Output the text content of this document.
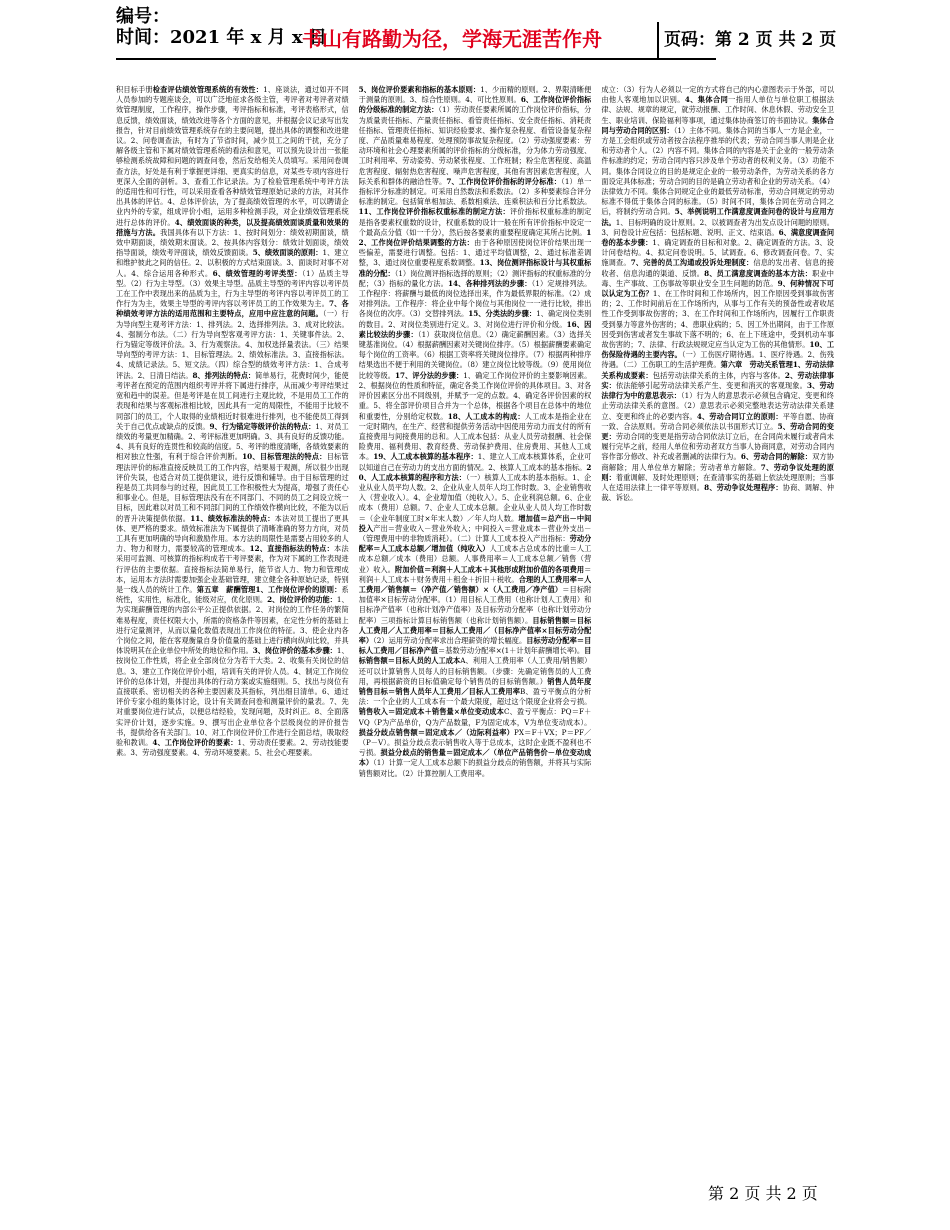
编号：
时间：2021 年 x 月 x 日
书山有路勤为径，学海无涯苦作舟	页码：第 2 页 共 2 页

积目标手册检查评估绩效管理系统的有效性：1、座谈法，通过如开不同人员参加的专题座谈会，可以广泛地征求各级主管，考评者对考评者对绩效管理制度，工作程序，操作步骤，考评指标和标准，考评表格形式，信息反馈，绩效面谈，绩效改进等各个方面的意见，并根据会议记录写出发报告，针对目前绩效管理系统存在的主要问题，提出具体的调整和改进建议。2、问卷调查法，有时为了节省时间，减少员工之间的干扰，充分了解各级主管和下属对绩效管理系统的看法和意见，可以预先设计出一张能够检测系统故障和问题的调查问卷，然后发给相关人员填写。采用问卷调查方法，好处是有利于掌握更详细、更真实的信息，对某些专项内容进行更深入全面的剖析。3、查看工作记录法。为了检验管理系统中考评方法的适用性和可行性，可以采用查看各种绩效管理原始记录的方法，对其作出具体的评估。4、总体评价法，为了提高绩效管理的水平，可以聘请企业内外的专家，组成评价小组，运用多种检测手段，对企业绩效管理系统进行总体的评价。4、绩效面谈的种类，以及提高绩效面谈质量和效果的措施与方法。我国具体有以下方法：1、按时间划分：绩效初期面谈，绩效中期面谈，绩效期末面谈。2、按具体内容划分：绩效计划面谈，绩效指导面谈，绩效考评面谈，绩效反馈面谈。5、绩效面谈的原则：1、建立和维护彼此之间的信任。2、以积极的方式结束面谈。3、面谈时对事不对人。4、综合运用各种形式。6、绩效管理的考评类型：（1）品质主导型。（2）行为主导型。（3）效果主导型。品质主导型的考评内容以考评员工在工作中表现出来的品质为主，行为主导型的考评内容以考评员工的工作行为为主，效果主导型的考评内容以考评员工的工作效果为主。7、各种绩效考评方法的适用范围和主要特点，应用中应注意的问题。（一）行为导向型主观考评方法：1、排列法。2、选择排列法。3、成对比较法。4、强制分布法。（二）行为导向型客观考评方法：1、关键事件法。2、行为锚定等级评价法。3、行为观察法。4、加权选择量表法。（三）结果导向型的考评方法：1、目标管理法。2、绩效标准法。3、直接指标法。4、成绩记录法。5、短文法。（四）综合型的绩效考评方法：1、合成考评法。2、日清日结法。8、排列法的特点：简单易行，花费时间少，能使考评者在预定的范围内组织考评并将下属进行排序，从而减少考评结果过宽和趋中的误差。但是考评是在员工间进行主观比较，不是用员工工作的表现和结果与客观标准相比较，因此具有一定的局限性，不能用于比较不同部门的员工，个人取得的业绩相近时很难进行排列，也不能使员工得到关于自己优点或缺点的反馈。9、行为锚定等级评价法的特点：1、对员工绩效的考量更加精确。2、考评标准更加明确。3、具有良好的反馈功能。4、具有良好的连贯性和较高的信度。5、考评的维度清晰，各绩效要素的相对独立性强，有利于综合评价判断。10、目标管理法的特点：目标管理法评价的标准直接反映员工的工作内容，结果易于观测，所以很少出现评价失误，也适合对员工提供建议，进行反馈和辅导。由于目标管理的过程是员工共同参与的过程，因此员工工作积极性大为提高，增强了责任心和事业心。但是，目标管理法没有在不同部门、不同的员工之间设立统一目标，因此难以对员工和不同部门间的工作绩效作横向比较，不能为以后的晋升决策提供依据。11、绩效标准法的特点：本法对员工提出了更具体、更严格的要求。绩效标准法为下属提供了清晰准确的努力方向，对员工具有更加明确的导向和激励作用。本方法的局限性是需要占用较多的人力、物力和财力，需要较高的管理成本。12、直接指标法的特点：本法采用可监测、可核算的指标构成若干考评要素，作为对下属的工作表现进行评估的主要依据。直接指标法简单易行，能节省人力、物力和管理成本，运用本方法时需要加强企业基础管理，建立健全各种原始记录，特别是一线人员的统计工作。第五章　薪酬管理1、工作岗位评价的原则：系统性，实用性，标准化，能级对应，优化原则。2、岗位评价的功能：1、为实现薪酬管理的内部公平公正提供依据。2、对岗位的工作任务的繁简难易程度，责任权限大小，所需的资格条件等因素，在定性分析的基础上进行定量测评，从而以量化数值表现出工作岗位的特征。3、使企业内各个岗位之间，能在客观衡量自身价值量的基础上进行横向纵向比较，并具体说明其在企业单位中所处的地位和作用。3、岗位评价的基本步骤：1、按岗位工作性质，将企业全部岗位分为若干大类。2、收集有关岗位的信息。3、建立工作岗位评价小组，培训有关的评价人员。4、制定工作岗位评价的总体计划，并提出具体的行动方案或实施细则。5、找出与岗位有直接联系、密切相关的各种主要因素及其指标，列出细目清单。6、通过评价专家小组的集体讨论，设计有关调查问卷和测量评价的量表。7、先对重要岗位进行试点，以便总结经验，发现问题，及时纠正。8、全面落实评价计划，逐步实施。9、撰写出企业单位各个层级岗位的评价报告书，提供给各有关部门。10、对工作岗位评价工作进行全面总结，吸取经验和教训。4、工作岗位评价的要素：1、劳动责任要素。2、劳动技能要素。3、劳动强度要素。4、劳动环境要素。5、社会心理要素。

5、岗位评价要素和指标的基本原则：1、少而精的原则。2、界限清晰便于测量的原则。3、综合性原则。4、可比性原则。6、工作岗位评价指标的分级标准的制定方法：（1）劳动责任要素所属的工作岗位评价指标，分为质量责任指标、产量责任指标、看管责任指标、安全责任指标、消耗责任指标、管理责任指标、知识经验要求、操作复杂程度、看管设备复杂程度、产品质量难易程度、处理预防事故复杂程度。（2）劳动强度要素：劳动环境和社会心理要素所属的评价指标的分级标准，分为体力劳动强度、工时利用率、劳动姿势、劳动紧张程度、工作班制；粉尘危害程度、高温危害程度、辐射热危害程度、噪声危害程度，其他有害因素危害程度，人际关系和群体的融洽性等。7、工作岗位评价指标的评分标准：（1）单一指标评分标准的制定。可采用自然数法和系数法。（2）多种要素综合评分标准的制定。包括简单相加法、系数相乘法、连乘积法和百分比系数法。11、工作岗位评价指标权重标准的制定方法：评价指标权重标准的制定是指各要素权重数的设计，权重系数的设计一般在所有评价指标中设定一个最高点分值（如一千分），然后按各要素的重要程度确定其所占比例。12、工作岗位评价结果调整的方法：由于各种原因使岗位评价结果出现一些偏差，需要进行调整。包括：1、通过平均值调整，2、通过标准差调整，3、通过岗位重要程度系数调整。13、岗位测评指标设计与其权重标准的分配：（1）岗位测评指标选择的原则；（2）测评指标的权重标准的分配；（3）指标的量化方法。14、各种排列法的步骤：（1）定规排列法。工作程序：将薪酬与最低的岗位选择出来，作为最低界限的标准。（2）成对排列法。工作程序：将企业中每个岗位与其他岗位一一进行比较，排出各岗位的次序。（3）交替排列法。15、分类法的步骤：1、确定岗位类别的数目。2、对岗位类别进行定义。3、对岗位进行评价和分级。16、因素比较法的步骤：（1）获取岗位信息。（2）确定薪酬因素。（3）选择关键基准岗位。（4）根据薪酬因素对关键岗位排序。（5）根据薪酬要素确定每个岗位的工资率。（6）根据工资率将关键岗位排序。（7）根据两种排序结果选出不便于利用的关键岗位。（8）建立岗位比较等级。（9）使用岗位比较等级。17、评分法的步骤：1、确定工作岗位评价的主要影响因素。2、根据岗位的性质和特征，确定各类工作岗位评价的具体项目。3、对各评价因素区分出不同级别，并赋予一定的点数。4、确定各评价因素的权重。5、将全部评价项目合并为一个总体，根据各个项目在总体中的地位和重要性，分别给定权数。18、人工成本的构成：人工成本是指企业在一定时期内，在生产、经营和提供劳务活动中因使用劳动力而支付的所有直接费用与间接费用的总和。人工成本包括：从业人员劳动报酬、社会保险费用、福利费用、教育经费、劳动保护费用、住房费用、其他人工成本。19、人工成本核算的基本程序：1、建立人工成本核算体系，企业可以知道自己在劳动力的支出方面的情况。2、核算人工成本的基本指标。20、人工成本核算的程序和方法：（一）核算人工成本的基本指标。1、企业从业人员平均人数。2、企业从业人员年人均工作时数。3、企业销售收入（营业收入）。4、企业增加值（纯收入）。5、企业利润总额。6、企业成本（费用）总额。7、企业人工成本总额。企业从业人员人均工作时数＝（企业年制度工时×年末人数）／年人均人数。增加值＝总产出－中间投入产出＝营业收入－营业外收入；中间投入＝营业成本－营业外支出－（管理费用中的非物质消耗）。（二）计算人工成本投入产出指标：劳动分配率＝人工成本总额／增加值（纯收入）人工成本占总成本的比重＝人工成本总额／成本（费用）总额。人事费用率＝人工成本总额／销售（营业）收入。附加价值＝利润＋人工成本＋其他形成附加价值的各项费用＝利润＋人工成本＋财务费用＋租金＋折旧＋税收。合理的人工费用率＝人工费用／销售额＝（净产值／销售额）×（人工费用／净产值）＝目标附加值率×目标劳动分配率。（1）用目标人工费用（也称计划人工费用）和目标净产值率（也称计划净产值率）及目标劳动分配率（也称计划劳动分配率）三项指标计算目标销售额（也称计划销售额）。目标销售额＝目标人工费用／人工费用率＝目标人工费用／（目标净产值率×目标劳动分配率）（2）运用劳动分配率求出合理薪资的增长幅度。目标劳动分配率＝目标人工费用／目标净产值＝基数劳动分配率×(1＋计划年薪酬增长率)。目标销售额＝目标人员的人工成本A、利用人工费用率（人工费用/销售额）还可以计算销售人员每人的目标销售额。（步骤：先确定销售员的人工费用，再根据薪资的目标值确定每个销售员的目标销售额。）销售人员年度销售目标＝销售人员年人工费用／目标人工费用率B、盈亏平衡点的分析法：一个企业的人工成本有一个最大限度，超过这个限度企业将会亏损。销售收入＝固定成本＋销售量×单位变动成本C、盈亏平衡点：PQ＝F＋VQ（P为产品单价，Q为产品数量，F为固定成本，V为单位变动成本）。损益分歧点销售额＝固定成本／（边际利益率）PX＝F＋VX；P＝PF／（P－V）。损益分歧点表示销售收入等于总成本，这时企业既不盈利也不亏损。损益分歧点的销售量＝固定成本／（单位产品销售价－单位变动成本）（1）计算一定人工成本总额下的损益分歧点的销售额，并将其与实际销售额对比。（2）计算控制人工费用率。

成立：（3）行为人必须以一定的方式将自己的内心意图表示于外部，可以由他人客观地加以识别。4、集体合同一指用人单位与单位职工根据法律、法规、规章的规定，就劳动报酬、工作时间、休息休假、劳动安全卫生、职业培训、保险福利等事项，通过集体协商签订的书面协议。集体合同与劳动合同的区别：（1）主体不同。集体合同的当事人一方是企业，一方是工会组织或劳动者按合法程序推举的代表；劳动合同当事人则是企业和劳动者个人。（2）内容不同。集体合同的内容是关于企业的一般劳动条件标准的约定；劳动合同内容只涉及单个劳动者的权利义务。（3）功能不同。集体合同设立的目的是规定企业的一般劳动条件，为劳动关系的各方面设定具体标准；劳动合同的目的是确立劳动者和企业的劳动关系。（4）法律效力不同。集体合同规定企业的最低劳动标准，劳动合同规定的劳动标准不得低于集体合同的标准。（5）时间不同，集体合同在劳动合同之后，将制约劳动合同。5、举例说明工作满意度调查问卷的设计与应用方法。1、目标明确的设计原则。2、以被调查者为出发点设计问题的原则。3、问卷设计应包括：包括标题、说明、正文、结束语。6、满意度调查问卷的基本步骤：1、确定调查的目标和对象。2、确定调查的方法。3、设计问卷结构。4、拟定问卷说明。5、试调查。6、修改调查问卷。7、实施调查。7、完善的员工沟通或投诉处理制度：信息的发出者、信息的接收者、信息沟通的渠道、反馈。8、员工满意度调查的基本方法：职业中毒、生产事故、工伤事故等职业安全卫生问题的防范。9、何种情况下可以认定为工伤？1、在工作时间和工作场所内，因工作原因受到事故伤害的；2、工作时间前后在工作场所内，从事与工作有关的预备性或者收尾性工作受到事故伤害的；3、在工作时间和工作场所内，因履行工作职责受到暴力等意外伤害的；4、患职业病的；5、因工外出期间，由于工作原因受到伤害或者发生事故下落不明的；6、在上下班途中，受到机动车事故伤害的；7、法律、行政法规规定应当认定为工伤的其他情形。10、工伤保险待遇的主要内容。（一）工伤医疗期待遇。1、医疗待遇。2、伤残待遇。（二）工伤职工的生活护理费。第六章　劳动关系管理1、劳动法律关系构成要素：包括劳动法律关系的主体，内容与客体。2、劳动法律事实：依法能够引起劳动法律关系产生、变更和消灭的客观现象。3、劳动法律行为中的意思表示：（1）行为人的意思表示必须包含确定、变更和终止劳动法律关系的意图。（2）意思表示必须完整地表达劳动法律关系建立、变更和终止的必要内容。4、劳动合同订立的原则：平等自愿、协商一致、合法原则。劳动合同必须依法以书面形式订立。5、劳动合同的变更：劳动合同的变更是指劳动合同依法订立后，在合同尚未履行或者尚未履行完毕之前，经用人单位和劳动者双方当事人协商同意，对劳动合同内容作部分修改、补充或者删减的法律行为。6、劳动合同的解除：双方协商解除；用人单位单方解除；劳动者单方解除。7、劳动争议处理的原则：着重调解、及时处理原则；在查清事实的基础上依法处理原则；当事人在适用法律上一律平等原则。8、劳动争议处理程序：协商、调解、仲裁、诉讼。

第 2 页 共 2 页
